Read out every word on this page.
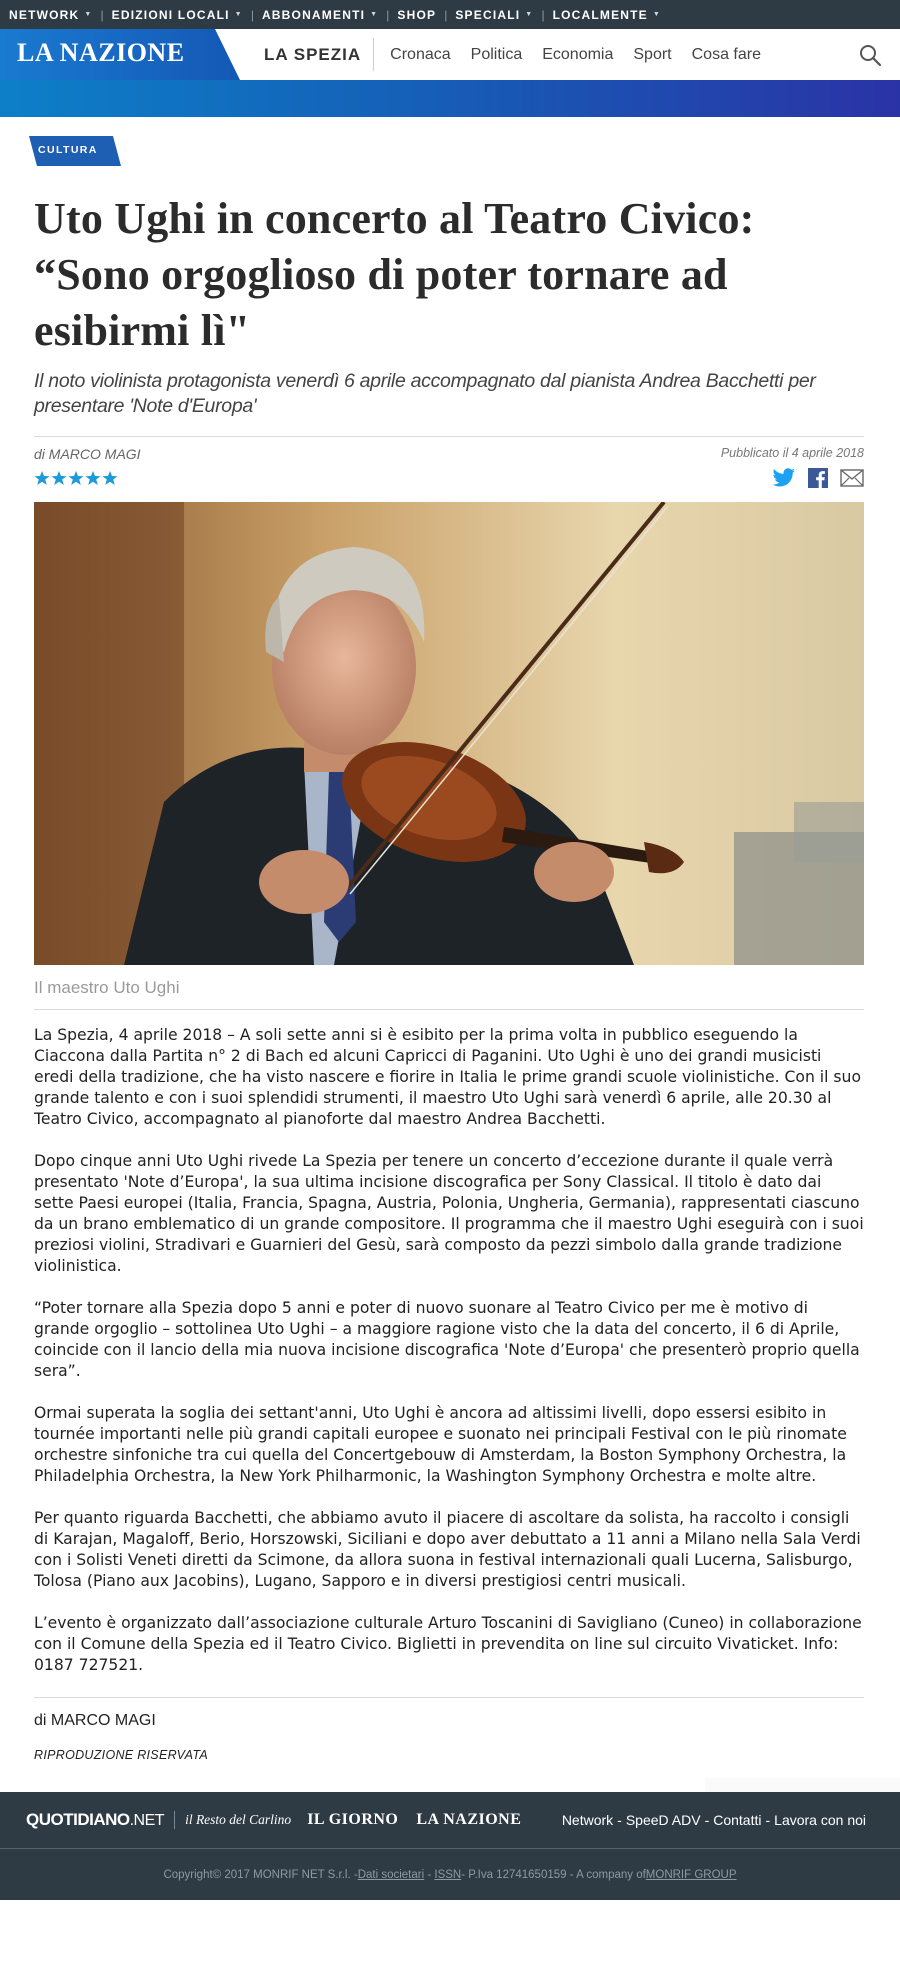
NETWORK ▼ | EDIZIONI LOCALI ▼ | ABBONAMENTI ▼ | SHOP | SPECIALI ▼ | LOCALMENTE ▼
LA NAZIONE	LA SPEZIA	Cronaca Politica Economia Sport Cosa fare
CULTURA
Uto Ughi in concerto al Teatro Civico: “Sono orgoglioso di poter tornare ad esibirmi lì"
Il noto violinista protagonista venerdì 6 aprile accompagnato dal pianista Andrea Bacchetti per presentare 'Note d'Europa'
di MARCO MAGI	Pubblicato il 4 aprile 2018
Il maestro Uto Ughi

La Spezia, 4 aprile 2018 – A soli sette anni si è esibito per la prima volta in pubblico eseguendo la Ciaccona dalla Partita n° 2 di Bach ed alcuni Capricci di Paganini. Uto Ughi è uno dei grandi musicisti eredi della tradizione, che ha visto nascere e fiorire in Italia le prime grandi scuole violinistiche. Con il suo grande talento e con i suoi splendidi strumenti, il maestro Uto Ughi sarà venerdì 6 aprile, alle 20.30 al Teatro Civico, accompagnato al pianoforte dal maestro Andrea Bacchetti.

Dopo cinque anni Uto Ughi rivede La Spezia per tenere un concerto d’eccezione durante il quale verrà presentato 'Note d’Europa', la sua ultima incisione discografica per Sony Classical. Il titolo è dato dai sette Paesi europei (Italia, Francia, Spagna, Austria, Polonia, Ungheria, Germania), rappresentati ciascuno da un brano emblematico di un grande compositore. Il programma che il maestro Ughi eseguirà con i suoi preziosi violini, Stradivari e Guarnieri del Gesù, sarà composto da pezzi simbolo dalla grande tradizione violinistica.

“Poter tornare alla Spezia dopo 5 anni e poter di nuovo suonare al Teatro Civico per me è motivo di grande orgoglio – sottolinea Uto Ughi – a maggiore ragione visto che la data del concerto, il 6 di Aprile, coincide con il lancio della mia nuova incisione discografica 'Note d’Europa' che presenterò proprio quella sera”.

Ormai superata la soglia dei settant'anni, Uto Ughi è ancora ad altissimi livelli, dopo essersi esibito in tournée importanti nelle più grandi capitali europee e suonato nei principali Festival con le più rinomate orchestre sinfoniche tra cui quella del Concertgebouw di Amsterdam, la Boston Symphony Orchestra, la Philadelphia Orchestra, la New York Philharmonic, la Washington Symphony Orchestra e molte altre.

Per quanto riguarda Bacchetti, che abbiamo avuto il piacere di ascoltare da solista, ha raccolto i consigli di Karajan, Magaloff, Berio, Horszowski, Siciliani e dopo aver debuttato a 11 anni a Milano nella Sala Verdi con i Solisti Veneti diretti da Scimone, da allora suona in festival internazionali quali Lucerna, Salisburgo, Tolosa (Piano aux Jacobins), Lugano, Sapporo e in diversi prestigiosi centri musicali.

L’evento è organizzato dall’associazione culturale Arturo Toscanini di Savigliano (Cuneo) in collaborazione con il Comune della Spezia ed il Teatro Civico. Biglietti in prevendita on line sul circuito Vivaticket. Info: 0187 727521.

di MARCO MAGI
RIPRODUZIONE RISERVATA
QUOTIDIANO.NET il Resto del Carlino IL GIORNO LA NAZIONE	Network - SpeeD ADV - Contatti - Lavora con noi
Copyright© 2017 MONRIF NET S.r.l. - Dati societari - ISSN - P.Iva 12741650159 - A company of MONRIF GROUP
